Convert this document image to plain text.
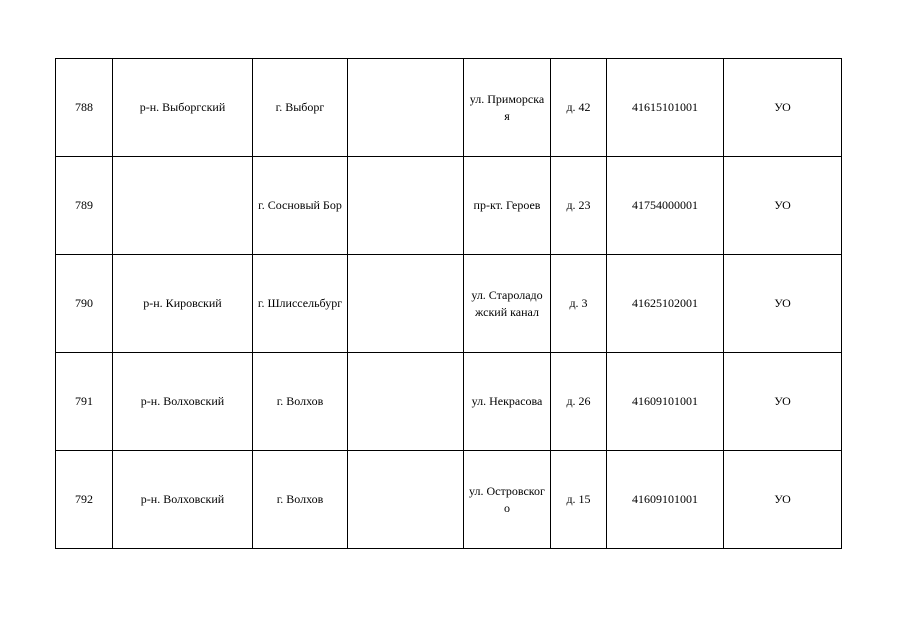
788	р-н. Выборгский	г. Выборг		ул. Приморская	д. 42	41615101001	УО
789		г. Сосновый Бор		пр-кт. Героев	д. 23	41754000001	УО
790	р-н. Кировский	г. Шлиссельбург		ул. Староладожский канал	д. 3	41625102001	УО
791	р-н. Волховский	г. Волхов		ул. Некрасова	д. 26	41609101001	УО
792	р-н. Волховский	г. Волхов		ул. Островского	д. 15	41609101001	УО
